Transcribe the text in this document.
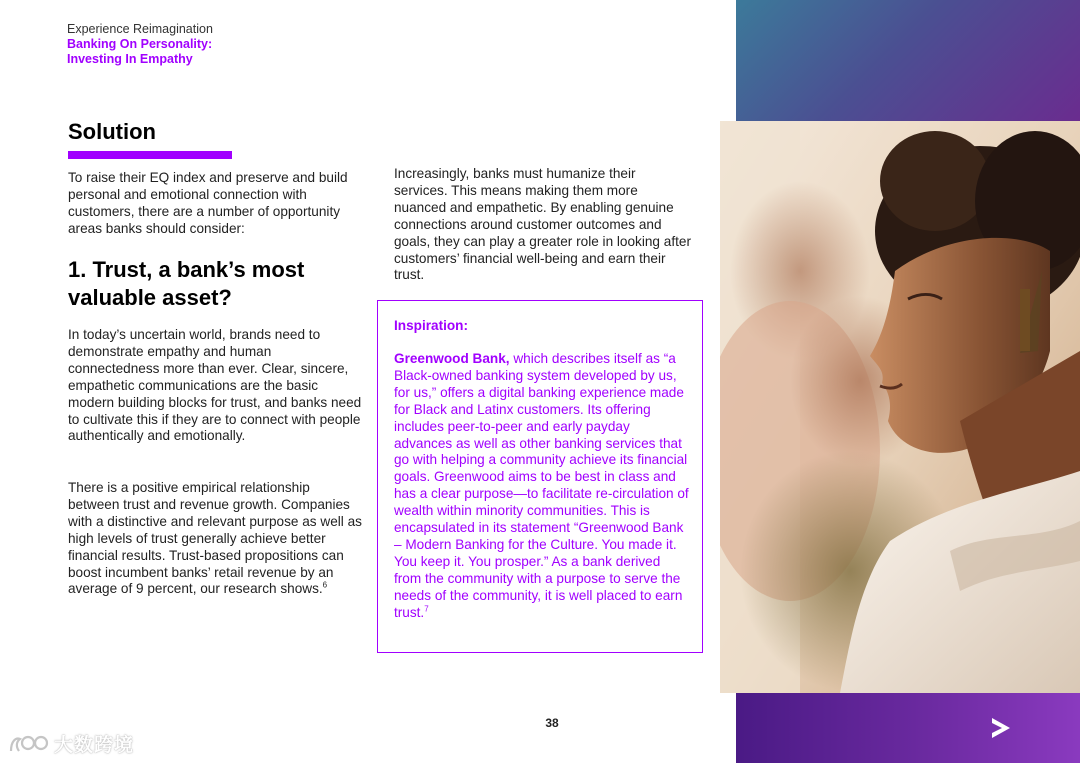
Experience Reimagination
Banking On Personality:
Investing In Empathy
Solution
To raise their EQ index and preserve and build personal and emotional connection with customers, there are a number of opportunity areas banks should consider:
1. Trust, a bank’s most valuable asset?
In today’s uncertain world, brands need to demonstrate empathy and human connectedness more than ever. Clear, sincere, empathetic communications are the basic modern building blocks for trust, and banks need to cultivate this if they are to connect with people authentically and emotionally.
There is a positive empirical relationship between trust and revenue growth. Companies with a distinctive and relevant purpose as well as high levels of trust generally achieve better financial results. Trust-based propositions can boost incumbent banks’ retail revenue by an average of 9 percent, our research shows.$^6$
Increasingly, banks must humanize their services. This means making them more nuanced and empathetic. By enabling genuine connections around customer outcomes and goals, they can play a greater role in looking after customers’ financial well-being and earn their trust.
Inspiration:
Greenwood Bank, which describes itself as “a Black-owned banking system developed by us, for us,” offers a digital banking experience made for Black and Latinx customers. Its offering includes peer-to-peer and early payday advances as well as other banking services that go with helping a community achieve its financial goals. Greenwood aims to be best in class and has a clear purpose—to facilitate re-circulation of wealth within minority communities. This is encapsulated in its statement “Greenwood Bank – Modern Banking for the Culture. You made it. You keep it. You prosper.” As a bank derived from the community with a purpose to serve the needs of the community, it is well placed to earn trust.$^7$
38
大数跨境
